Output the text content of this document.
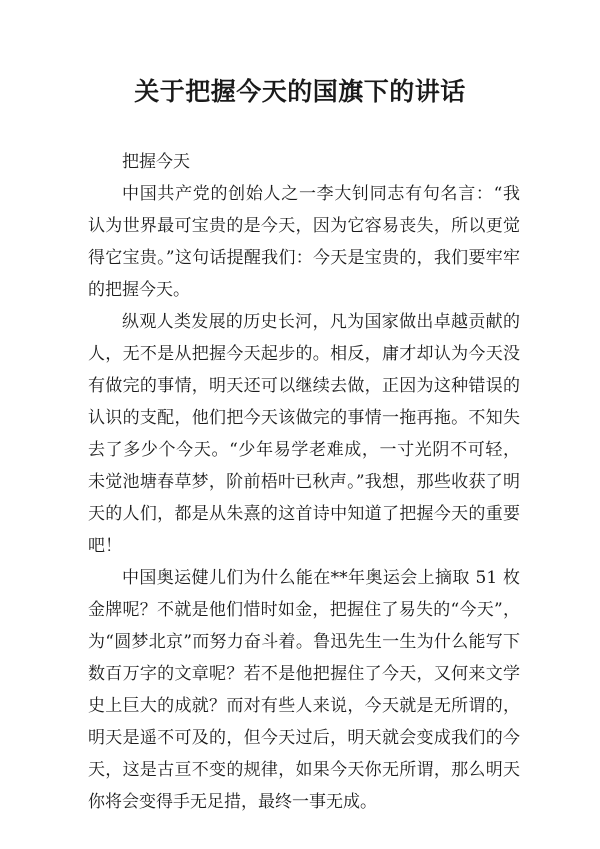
关于把握今天的国旗下的讲话

把握今天

中国共产党的创始人之一李大钊同志有句名言：“我认为世界最可宝贵的是今天，因为它容易丧失，所以更觉得它宝贵。”这句话提醒我们：今天是宝贵的，我们要牢牢的把握今天。

纵观人类发展的历史长河，凡为国家做出卓越贡献的人，无不是从把握今天起步的。相反，庸才却认为今天没有做完的事情，明天还可以继续去做，正因为这种错误的认识的支配，他们把今天该做完的事情一拖再拖。不知失去了多少个今天。“少年易学老难成，一寸光阴不可轻，未觉池塘春草梦，阶前梧叶已秋声。”我想，那些收获了明天的人们，都是从朱熹的这首诗中知道了把握今天的重要吧！

中国奥运健儿们为什么能在**年奥运会上摘取 51 枚金牌呢？不就是他们惜时如金，把握住了易失的“今天”，为“圆梦北京”而努力奋斗着。鲁迅先生一生为什么能写下数百万字的文章呢？若不是他把握住了今天，又何来文学史上巨大的成就？而对有些人来说，今天就是无所谓的，明天是遥不可及的，但今天过后，明天就会变成我们的今天，这是古亘不变的规律，如果今天你无所谓，那么明天你将会变得手无足措，最终一事无成。
